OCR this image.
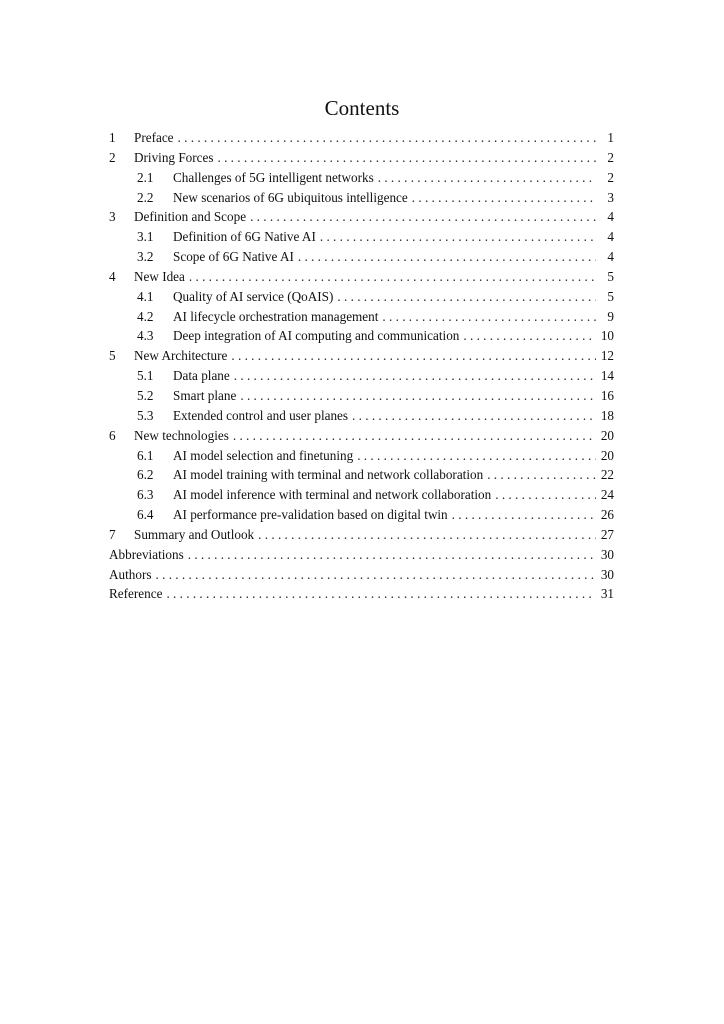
Contents
1	Preface . . .	1
2	Driving Forces . . .	2
2.1	Challenges of 5G intelligent networks . . .	2
2.2	New scenarios of 6G ubiquitous intelligence . . .	3
3	Definition and Scope . . .	4
3.1	Definition of 6G Native AI . . .	4
3.2	Scope of 6G Native AI . . .	4
4	New Idea . . .	5
4.1	Quality of AI service (QoAIS) . . .	5
4.2	AI lifecycle orchestration management . . .	9
4.3	Deep integration of AI computing and communication . . .	10
5	New Architecture . . .	12
5.1	Data plane . . .	14
5.2	Smart plane . . .	16
5.3	Extended control and user planes . . .	18
6	New technologies . . .	20
6.1	AI model selection and finetuning . . .	20
6.2	AI model training with terminal and network collaboration . . .	22
6.3	AI model inference with terminal and network collaboration . . .	24
6.4	AI performance pre-validation based on digital twin . . .	26
7	Summary and Outlook . . .	27
Abbreviations . . .	30
Authors . . .	30
Reference . . .	31
